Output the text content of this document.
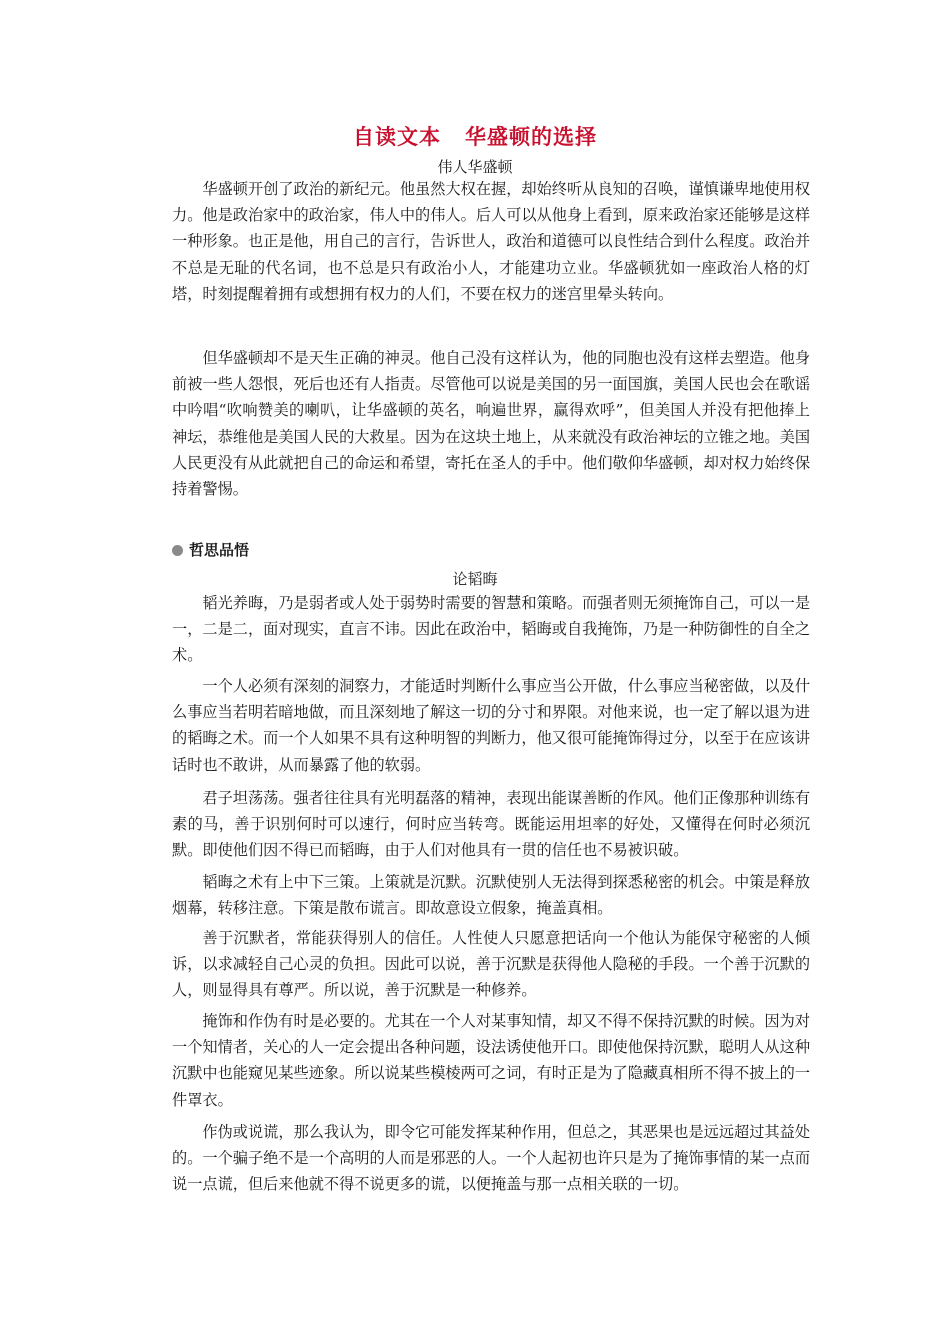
自读文本 华盛顿的选择
伟人华盛顿

华盛顿开创了政治的新纪元。他虽然大权在握，却始终听从良知的召唤，谨慎谦卑地使用权力。他是政治家中的政治家，伟人中的伟人。后人可以从他身上看到，原来政治家还能够是这样一种形象。也正是他，用自己的言行，告诉世人，政治和道德可以良性结合到什么程度。政治并不总是无耻的代名词，也不总是只有政治小人，才能建功立业。华盛顿犹如一座政治人格的灯塔，时刻提醒着拥有或想拥有权力的人们，不要在权力的迷宫里晕头转向。

但华盛顿却不是天生正确的神灵。他自己没有这样认为，他的同胞也没有这样去塑造。他身前被一些人怨恨，死后也还有人指责。尽管他可以说是美国的另一面国旗，美国人民也会在歌谣中吟唱“吹响赞美的喇叭，让华盛顿的英名，响遍世界，赢得欢呼”，但美国人并没有把他捧上神坛，恭维他是美国人民的大救星。因为在这块土地上，从来就没有政治神坛的立锥之地。美国人民更没有从此就把自己的命运和希望，寄托在圣人的手中。他们敬仰华盛顿，却对权力始终保持着警惕。

哲思品悟
论韬晦

韬光养晦，乃是弱者或人处于弱势时需要的智慧和策略。而强者则无须掩饰自己，可以一是一，二是二，面对现实，直言不讳。因此在政治中，韬晦或自我掩饰，乃是一种防御性的自全之术。

一个人必须有深刻的洞察力，才能适时判断什么事应当公开做，什么事应当秘密做，以及什么事应当若明若暗地做，而且深刻地了解这一切的分寸和界限。对他来说，也一定了解以退为进的韬晦之术。而一个人如果不具有这种明智的判断力，他又很可能掩饰得过分，以至于在应该讲话时也不敢讲，从而暴露了他的软弱。

君子坦荡荡。强者往往具有光明磊落的精神，表现出能谋善断的作风。他们正像那种训练有素的马，善于识别何时可以速行，何时应当转弯。既能运用坦率的好处，又懂得在何时必须沉默。即使他们因不得已而韬晦，由于人们对他具有一贯的信任也不易被识破。

韬晦之术有上中下三策。上策就是沉默。沉默使别人无法得到探悉秘密的机会。中策是释放烟幕，转移注意。下策是散布谎言。即故意设立假象，掩盖真相。

善于沉默者，常能获得别人的信任。人性使人只愿意把话向一个他认为能保守秘密的人倾诉，以求减轻自己心灵的负担。因此可以说，善于沉默是获得他人隐秘的手段。一个善于沉默的人，则显得具有尊严。所以说，善于沉默是一种修养。

掩饰和作伪有时是必要的。尤其在一个人对某事知情，却又不得不保持沉默的时候。因为对一个知情者，关心的人一定会提出各种问题，设法诱使他开口。即使他保持沉默，聪明人从这种沉默中也能窥见某些迹象。所以说某些模棱两可之词，有时正是为了隐藏真相所不得不披上的一件罩衣。

作伪或说谎，那么我认为，即令它可能发挥某种作用，但总之，其恶果也是远远超过其益处的。一个骗子绝不是一个高明的人而是邪恶的人。一个人起初也许只是为了掩饰事情的某一点而说一点谎，但后来他就不得不说更多的谎，以便掩盖与那一点相关联的一切。
